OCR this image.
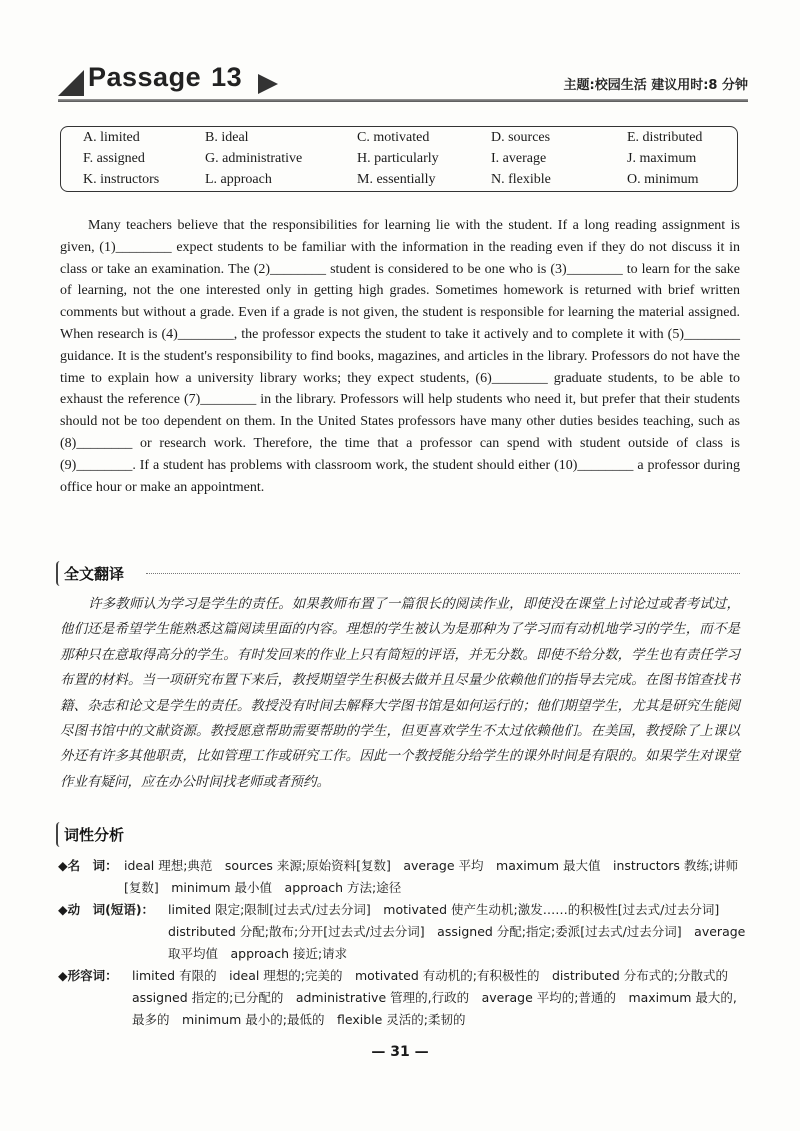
Passage 13	主题:校园生活 建议用时:8 分钟
A. limited	B. ideal	C. motivated	D. sources	E. distributed
F. assigned	G. administrative	H. particularly	I. average	J. maximum
K. instructors	L. approach	M. essentially	N. flexible	O. minimum

Many teachers believe that the responsibilities for learning lie with the student. If a long reading assignment is given, (1)________ expect students to be familiar with the information in the reading even if they do not discuss it in class or take an examination. The (2)________ student is considered to be one who is (3)________ to learn for the sake of learning, not the one interested only in getting high grades. Sometimes homework is returned with brief written comments but without a grade. Even if a grade is not given, the student is responsible for learning the material assigned. When research is (4)________, the professor expects the student to take it actively and to complete it with (5)________ guidance. It is the student's responsibility to find books, magazines, and articles in the library. Professors do not have the time to explain how a university library works; they expect students, (6)________ graduate students, to be able to exhaust the reference (7)________ in the library. Professors will help students who need it, but prefer that their students should not be too dependent on them. In the United States professors have many other duties besides teaching, such as (8)________ or research work. Therefore, the time that a professor can spend with student outside of class is (9)________. If a student has problems with classroom work, the student should either (10)________ a professor during office hour or make an appointment.

全文翻译

许多教师认为学习是学生的责任。如果教师布置了一篇很长的阅读作业，即使没在课堂上讨论过或者考试过，他们还是希望学生能熟悉这篇阅读里面的内容。理想的学生被认为是那种为了学习而有动机地学习的学生，而不是那种只在意取得高分的学生。有时发回来的作业上只有简短的评语，并无分数。即使不给分数，学生也有责任学习布置的材料。当一项研究布置下来后，教授期望学生积极去做并且尽量少依赖他们的指导去完成。在图书馆查找书籍、杂志和论文是学生的责任。教授没有时间去解释大学图书馆是如何运行的；他们期望学生，尤其是研究生能阅尽图书馆中的文献资源。教授愿意帮助需要帮助的学生，但更喜欢学生不太过依赖他们。在美国，教授除了上课以外还有许多其他职责，比如管理工作或研究工作。因此一个教授能分给学生的课外时间是有限的。如果学生对课堂作业有疑问，应在办公时间找老师或者预约。

词性分析
◆名　词： ideal 理想;典范　sources 来源;原始资料[复数]　average 平均　maximum 最大值　instructors 教练;讲师[复数]　minimum 最小值　approach 方法;途径
◆动　词(短语)： limited 限定;限制[过去式/过去分词]　motivated 使产生动机;激发……的积极性[过去式/过去分词]　distributed 分配;散布;分开[过去式/过去分词]　assigned 分配;指定;委派[过去式/过去分词]　average 取平均值　approach 接近;请求
◆形容词： limited 有限的　ideal 理想的;完美的　motivated 有动机的;有积极性的　distributed 分布式的;分散式的　assigned 指定的;已分配的　administrative 管理的,行政的　average 平均的;普通的　maximum 最大的,最多的　minimum 最小的;最低的　flexible 灵活的;柔韧的
— 31 —
